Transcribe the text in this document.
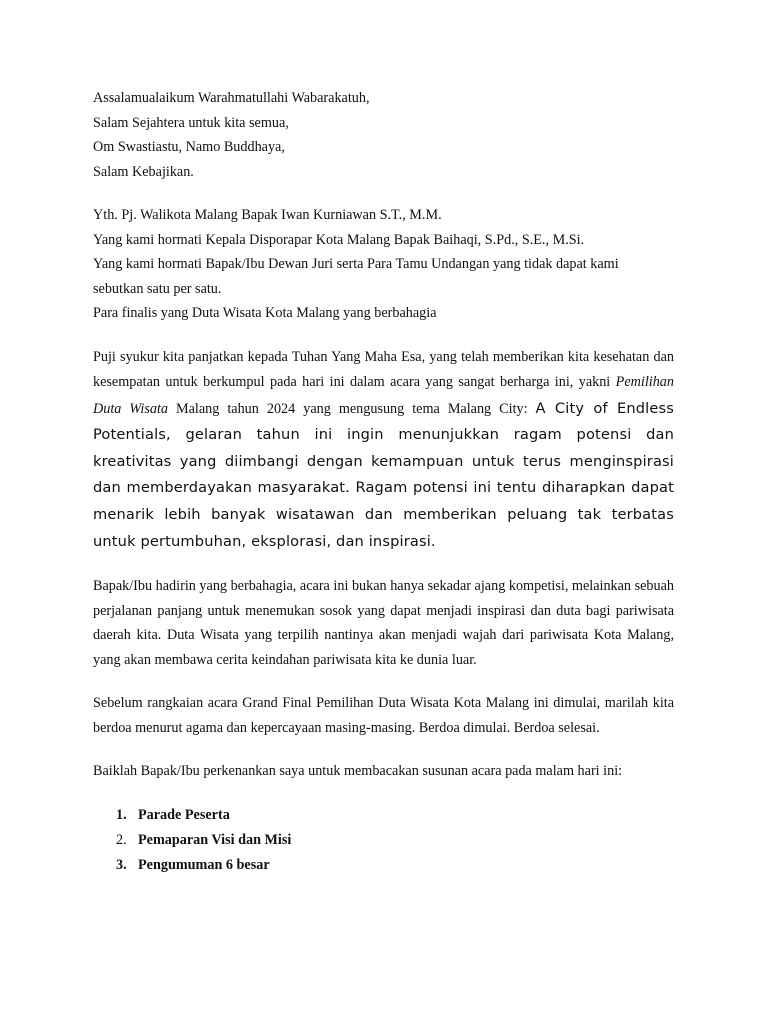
Assalamualaikum Warahmatullahi Wabarakatuh,

Salam Sejahtera untuk kita semua,

Om Swastiastu, Namo Buddhaya,

Salam Kebajikan.

Yth. Pj. Walikota Malang Bapak Iwan Kurniawan S.T., M.M.

Yang kami hormati Kepala Disporapar Kota Malang Bapak Baihaqi, S.Pd., S.E., M.Si.

Yang kami hormati Bapak/Ibu Dewan Juri serta Para Tamu Undangan yang tidak dapat kami

sebutkan satu per satu.

Para finalis yang Duta Wisata Kota Malang yang berbahagia

Puji syukur kita panjatkan kepada Tuhan Yang Maha Esa, yang telah memberikan kita kesehatan dan kesempatan untuk berkumpul pada hari ini dalam acara yang sangat berharga ini, yakni Pemilihan Duta Wisata Malang tahun 2024 yang mengusung tema Malang City: A City of Endless Potentials, gelaran tahun ini ingin menunjukkan ragam potensi dan kreativitas yang diimbangi dengan kemampuan untuk terus menginspirasi dan memberdayakan masyarakat. Ragam potensi ini tentu diharapkan dapat menarik lebih banyak wisatawan dan memberikan peluang tak terbatas untuk pertumbuhan, eksplorasi, dan inspirasi.

Bapak/Ibu hadirin yang berbahagia, acara ini bukan hanya sekadar ajang kompetisi, melainkan sebuah perjalanan panjang untuk menemukan sosok yang dapat menjadi inspirasi dan duta bagi pariwisata daerah kita. Duta Wisata yang terpilih nantinya akan menjadi wajah dari pariwisata Kota Malang, yang akan membawa cerita keindahan pariwisata kita ke dunia luar.

Sebelum rangkaian acara Grand Final Pemilihan Duta Wisata Kota Malang ini dimulai, marilah kita berdoa menurut agama dan kepercayaan masing-masing. Berdoa dimulai. Berdoa selesai.

Baiklah Bapak/Ibu perkenankan saya untuk membacakan susunan acara pada malam hari ini:

1. Parade Peserta
2. Pemaparan Visi dan Misi
3. Pengumuman 6 besar
